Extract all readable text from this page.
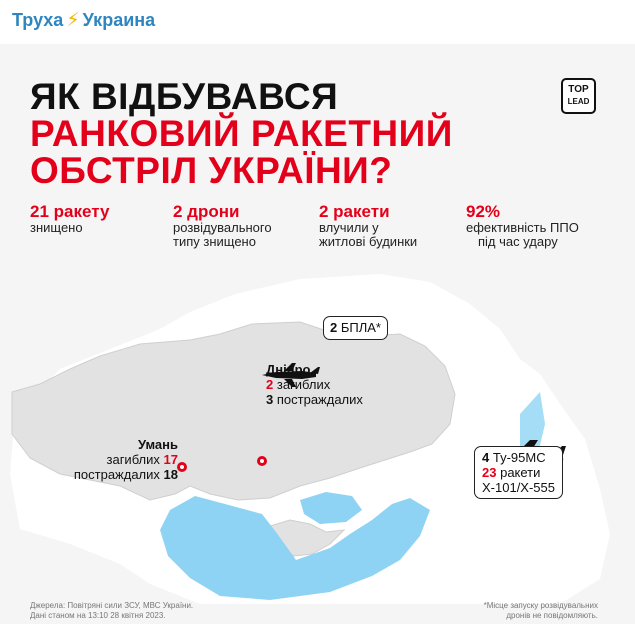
Труха ⚡ Украина
ЯК ВІДБУВАВСЯ
РАНКОВИЙ РАКЕТНИЙ
ОБСТРІЛ УКРАЇНИ?
TOP
LEAD
21 ракету
знищено
2 дрони
розвідувального
типу знищено
2 ракети
влучили у
житлові будинки
92%
ефективність ППО
під час удару
2 БПЛА*
Дніпро
2 загиблих
3 постраждалих
Умань
загиблих 17
постраждалих 18
4 Ту-95МС
23 ракети
Х-101/Х-555
Джерела: Повітряні сили ЗСУ, МВС України.
Дані станом на 13:10 28 квітня 2023.
*Місце запуску розвідувальних
дронів не повідомляють.
